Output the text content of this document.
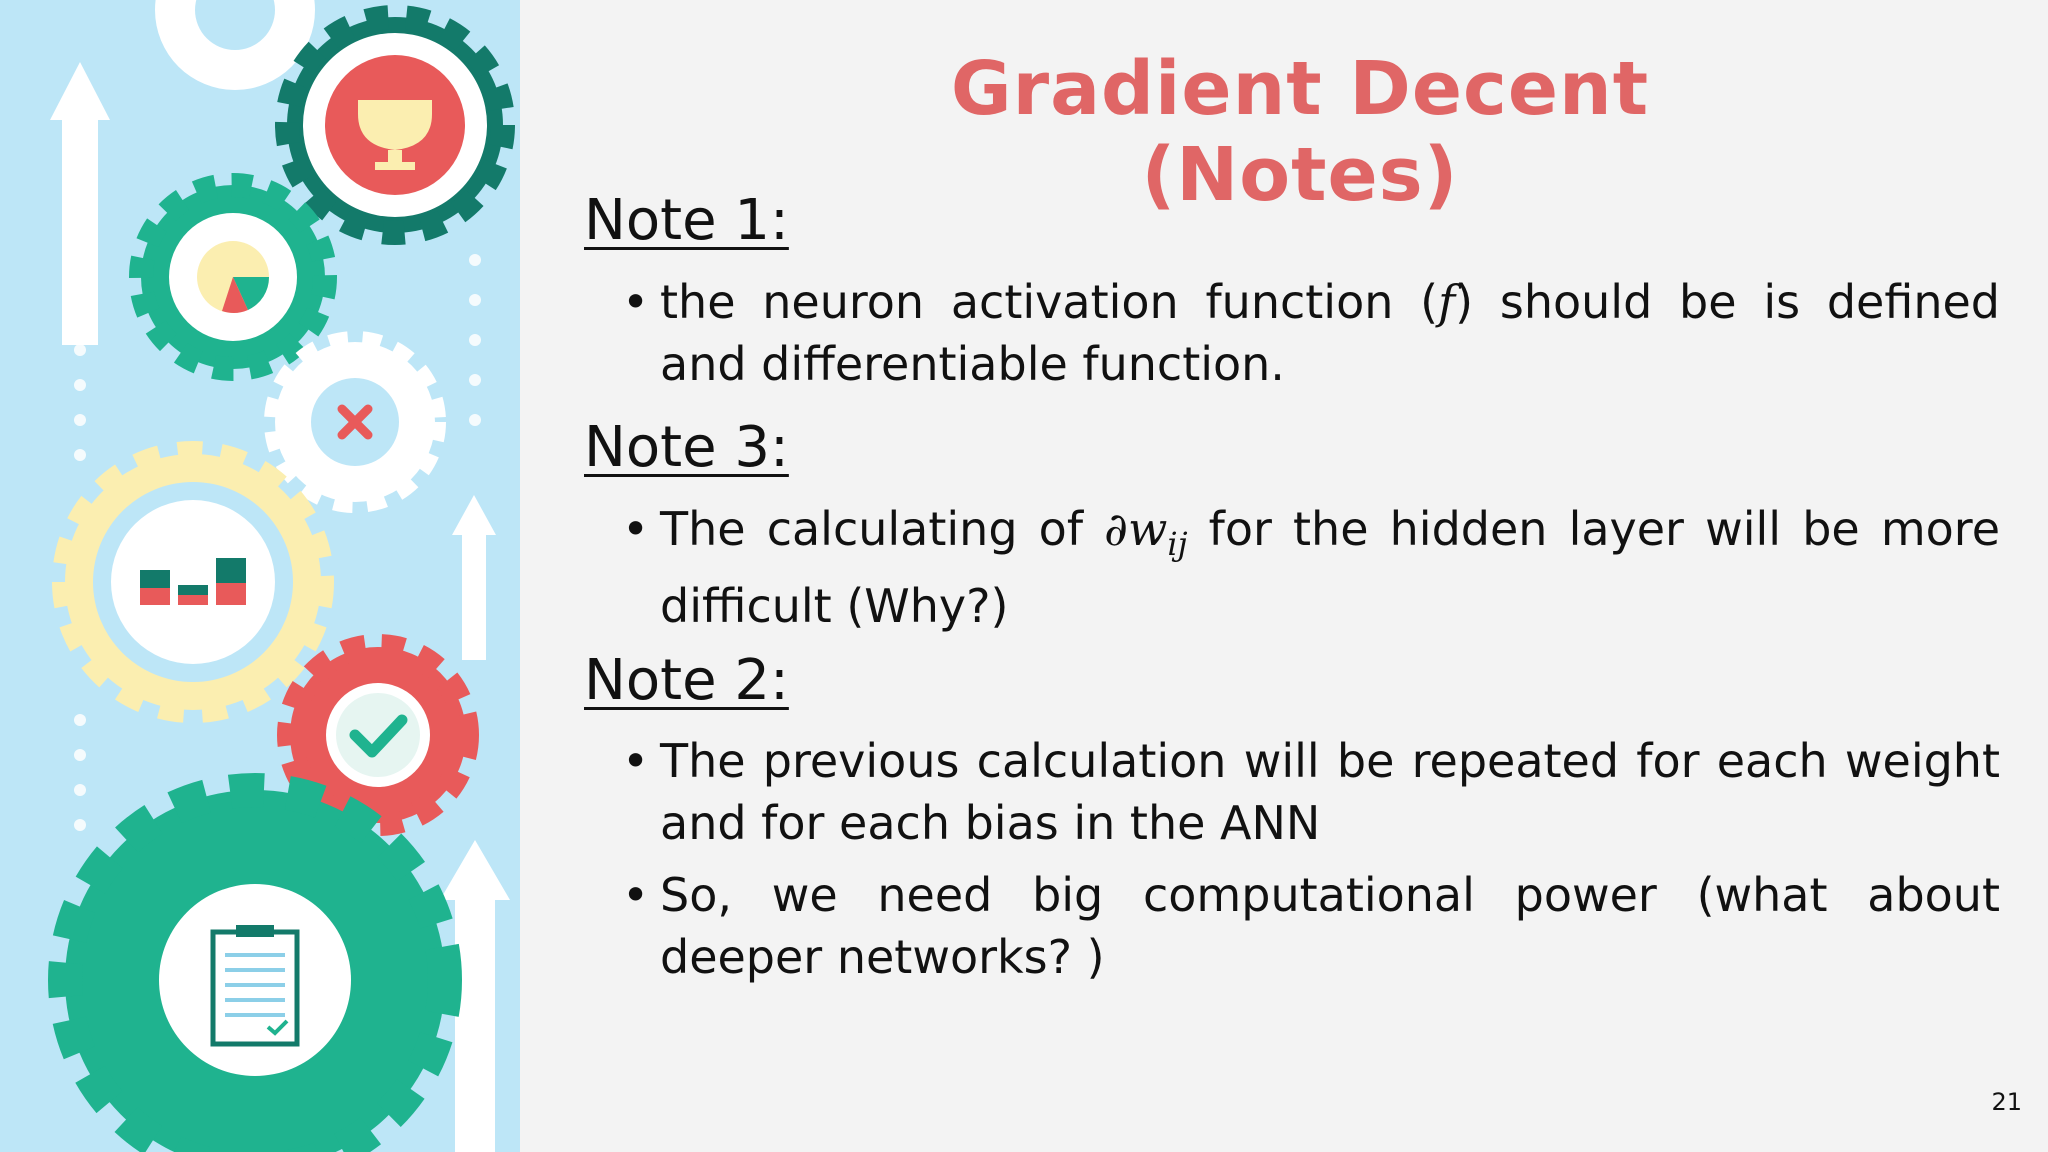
Gradient Decent (Notes)
Note 1:
• the neuron activation function (f) should be is defined and differentiable function.
Note 3:
• The calculating of $\partial w_{ij}$ for the hidden layer will be more difficult (Why?)
Note 2:
• The previous calculation will be repeated for each weight and for each bias in the ANN
• So, we need big computational power (what about deeper networks? )
21
